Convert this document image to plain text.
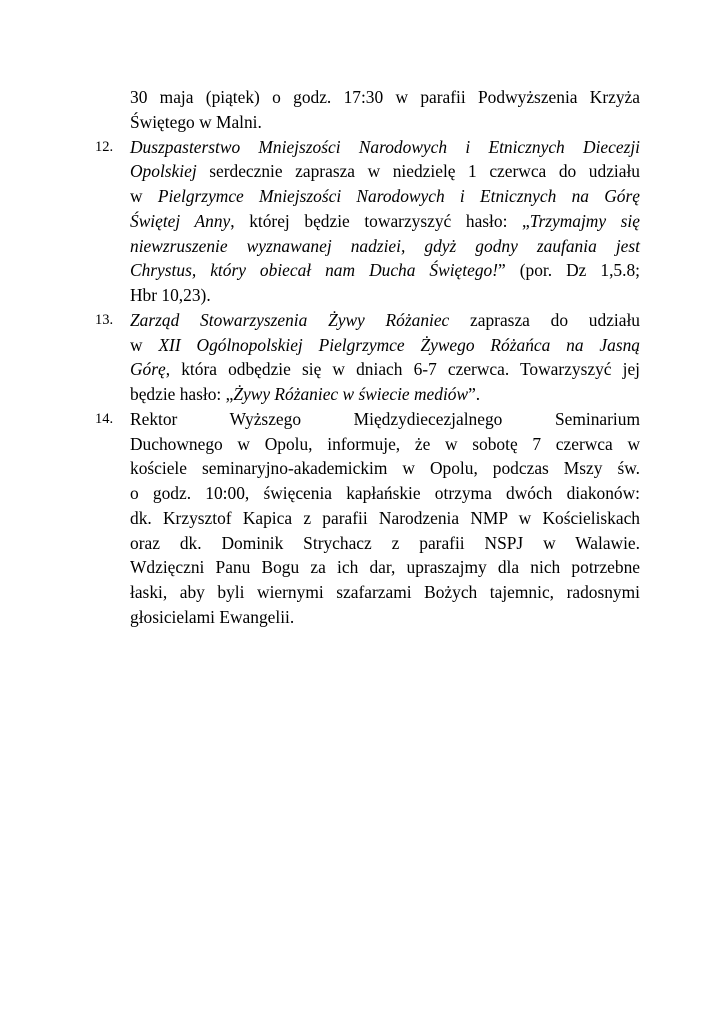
30 maja (piątek) o godz. 17:30 w parafii Podwyższenia Krzyża
Świętego w Malni.
12. Duszpasterstwo Mniejszości Narodowych i Etnicznych Diecezji
Opolskiej serdecznie zaprasza w niedzielę 1 czerwca do udziału
w Pielgrzymce Mniejszości Narodowych i Etnicznych na Górę
Świętej Anny, której będzie towarzyszyć hasło: „Trzymajmy się
niewzruszenie wyznawanej nadziei, gdyż godny zaufania jest
Chrystus, który obiecał nam Ducha Świętego!” (por. Dz 1,5.8;
Hbr 10,23).
13. Zarząd Stowarzyszenia Żywy Różaniec zaprasza do udziału
w XII Ogólnopolskiej Pielgrzymce Żywego Różańca na Jasną
Górę, która odbędzie się w dniach 6-7 czerwca. Towarzyszyć jej
będzie hasło: „Żywy Różaniec w świecie mediów”.
14. Rektor Wyższego Międzydiecezjalnego Seminarium
Duchownego w Opolu, informuje, że w sobotę 7 czerwca w
kościele seminaryjno-akademickim w Opolu, podczas Mszy św.
o godz. 10:00, święcenia kapłańskie otrzyma dwóch diakonów:
dk. Krzysztof Kapica z parafii Narodzenia NMP w Kościeliskach
oraz dk. Dominik Strychacz z parafii NSPJ w Walawie.
Wdzięczni Panu Bogu za ich dar, upraszajmy dla nich potrzebne
łaski, aby byli wiernymi szafarzami Bożych tajemnic, radosnymi
głosicielami Ewangelii.
